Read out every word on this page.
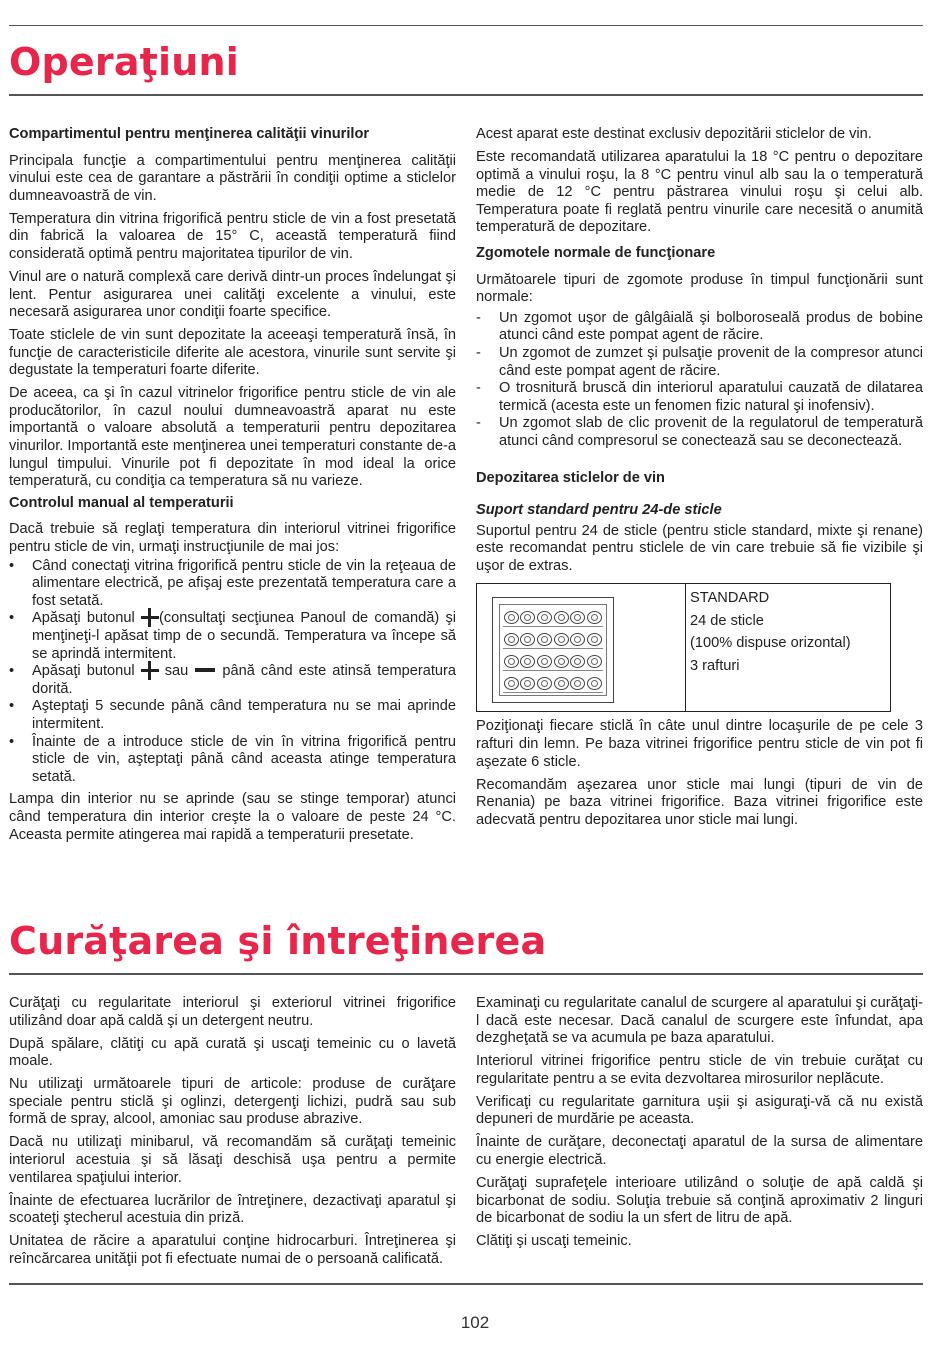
Operaţiuni
Compartimentul pentru menţinerea calităţii vinurilor

Principala funcţie a compartimentului pentru menţinerea calităţii vinului este cea de garantare a păstrării în condiţii optime a sticlelor dumneavoastră de vin.

Temperatura din vitrina frigorifică pentru sticle de vin a fost presetată din fabrică la valoarea de 15° C, această temperatură fiind considerată optimă pentru majoritatea tipurilor de vin.

Vinul are o natură complexă care derivă dintr-un proces îndelungat şi lent. Pentur asigurarea unei calităţi excelente a vinului, este necesară asigurarea unor condiţii foarte specifice.

Toate sticlele de vin sunt depozitate la aceeaşi temperatură însă, în funcţie de caracteristicile diferite ale acestora, vinurile sunt servite şi degustate la temperaturi foarte diferite.

De aceea, ca şi în cazul vitrinelor frigorifice pentru sticle de vin ale producătorilor, în cazul noului dumneavoastră aparat nu este importantă o valoare absolută a temperaturii pentru depozitarea vinurilor. Importantă este menţinerea unei temperaturi constante de-a lungul timpului. Vinurile pot fi depozitate în mod ideal la orice temperatură, cu condiţia ca temperatura să nu varieze.

Controlul manual al temperaturii

Dacă trebuie să reglaţi temperatura din interiorul vitrinei frigorifice pentru sticle de vin, urmaţi instrucţiunile de mai jos:

• Când conectaţi vitrina frigorifică pentru sticle de vin la reţeaua de alimentare electrică, pe afişaj este prezentată temperatura care a fost setată.
• Apăsaţi butonul (consultaţi secţiunea Panoul de comandă) şi menţineţi-l apăsat timp de o secundă. Temperatura va începe să se aprindă intermitent.
• Apăsaţi butonul sau până când este atinsă temperatura dorită.
• Aşteptaţi 5 secunde până când temperatura nu se mai aprinde intermitent.
• Înainte de a introduce sticle de vin în vitrina frigorifică pentru sticle de vin, aşteptaţi până când aceasta atinge temperatura setată.

Lampa din interior nu se aprinde (sau se stinge temporar) atunci când temperatura din interior creşte la o valoare de peste 24 °C. Aceasta permite atingerea mai rapidă a temperaturii presetate.

Acest aparat este destinat exclusiv depozitării sticlelor de vin.

Este recomandată utilizarea aparatului la 18 °C pentru o depozitare optimă a vinului roşu, la 8 °C pentru vinul alb sau la o temperatură medie de 12 °C pentru păstrarea vinului roşu şi celui alb. Temperatura poate fi reglată pentru vinurile care necesită o anumită temperatură de depozitare.

Zgomotele normale de funcţionare

Următoarele tipuri de zgomote produse în timpul funcţionării sunt normale:

- Un zgomot uşor de gâlgâială şi bolboroseală produs de bobine atunci când este pompat agent de răcire.
- Un zgomot de zumzet şi pulsaţie provenit de la compresor atunci când este pompat agent de răcire.
- O trosnitură bruscă din interiorul aparatului cauzată de dilatarea termică (acesta este un fenomen fizic natural şi inofensiv).
- Un zgomot slab de clic provenit de la regulatorul de temperatură atunci când compresorul se conectează sau se deconectează.
Depozitarea sticlelor de vin
Suport standard pentru 24-de sticle

Suportul pentru 24 de sticle (pentru sticle standard, mixte şi renane) este recomandat pentru sticlele de vin care trebuie să fie vizibile şi uşor de extras.

STANDARD
24 de sticle
(100% dispuse orizontal)
3 rafturi

Poziţionaţi fiecare sticlă în câte unul dintre locaşurile de pe cele 3 rafturi din lemn. Pe baza vitrinei frigorifice pentru sticle de vin pot fi aşezate 6 sticle.

Recomandăm aşezarea unor sticle mai lungi (tipuri de vin de Renania) pe baza vitrinei frigorifice. Baza vitrinei frigorifice este adecvată pentru depozitarea unor sticle mai lungi.

Curăţarea şi întreţinerea

Curăţaţi cu regularitate interiorul şi exteriorul vitrinei frigorifice utilizând doar apă caldă şi un detergent neutru.

După spălare, clătiţi cu apă curată şi uscaţi temeinic cu o lavetă moale.

Nu utilizaţi următoarele tipuri de articole: produse de curăţare speciale pentru sticlă şi oglinzi, detergenţi lichizi, pudră sau sub formă de spray, alcool, amoniac sau produse abrazive.

Dacă nu utilizaţi minibarul, vă recomandăm să curăţaţi temeinic interiorul acestuia şi să lăsaţi deschisă uşa pentru a permite ventilarea spaţiului interior.

Înainte de efectuarea lucrărilor de întreţinere, dezactivaţi aparatul şi scoateţi ştecherul acestuia din priză.

Unitatea de răcire a aparatului conţine hidrocarburi. Întreţinerea şi reîncărcarea unităţii pot fi efectuate numai de o persoană calificată.

Examinaţi cu regularitate canalul de scurgere al aparatului şi curăţaţi-l dacă este necesar. Dacă canalul de scurgere este înfundat, apa dezgheţată se va acumula pe baza aparatului.

Interiorul vitrinei frigorifice pentru sticle de vin trebuie curăţat cu regularitate pentru a se evita dezvoltarea mirosurilor neplăcute.

Verificaţi cu regularitate garnitura uşii şi asiguraţi-vă că nu există depuneri de murdărie pe aceasta.

Înainte de curăţare, deconectaţi aparatul de la sursa de alimentare cu energie electrică.

Curăţaţi suprafeţele interioare utilizând o soluţie de apă caldă şi bicarbonat de sodiu. Soluţia trebuie să conţină aproximativ 2 linguri de bicarbonat de sodiu la un sfert de litru de apă.

Clătiţi şi uscaţi temeinic.

102
